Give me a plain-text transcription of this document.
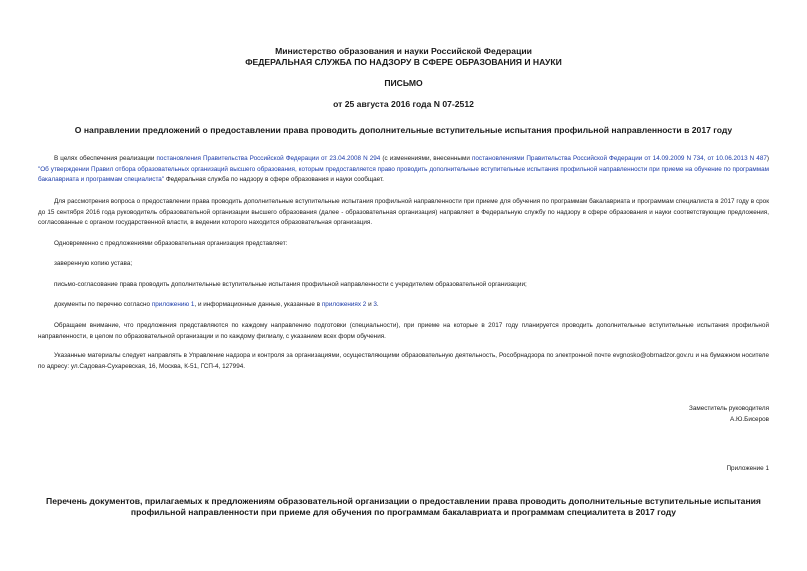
Министерство образования и науки Российской Федерации
ФЕДЕРАЛЬНАЯ СЛУЖБА ПО НАДЗОРУ В СФЕРЕ ОБРАЗОВАНИЯ И НАУКИ
ПИСЬМО
от 25 августа 2016 года N 07-2512
О направлении предложений о предоставлении права проводить дополнительные вступительные испытания профильной направленности в 2017 году
В целях обеспечения реализации постановления Правительства Российской Федерации от 23.04.2008 N 294 (с изменениями, внесенными постановлениями Правительства Российской Федерации от 14.09.2009 N 734, от 10.06.2013 N 487) "Об утверждении Правил отбора образовательных организаций высшего образования, которым предоставляется право проводить дополнительные вступительные испытания профильной направленности при приеме на обучение по программам бакалавриата и программам специалиста" Федеральная служба по надзору в сфере образования и науки сообщает.
Для рассмотрения вопроса о предоставлении права проводить дополнительные вступительные испытания профильной направленности при приеме для обучения по программам бакалавриата и программам специалиста в 2017 году в срок до 15 сентября 2016 года руководитель образовательной организации высшего образования (далее - образовательная организация) направляет в Федеральную службу по надзору в сфере образования и науки соответствующие предложения, согласованные с органом государственной власти, в ведении которого находится образовательная организация.
Одновременно с предложениями образовательная организация представляет:
заверенную копию устава;
письмо-согласование права проводить дополнительные вступительные испытания профильной направленности с учредителем образовательной организации;
документы по перечню согласно приложению 1, и информационные данные, указанные в приложениях 2 и 3.
Обращаем внимание, что предложения представляются по каждому направлению подготовки (специальности), при приеме на которые в 2017 году планируется проводить дополнительные вступительные испытания профильной направленности, в целом по образовательной организации и по каждому филиалу, с указанием всех форм обучения.
Указанные материалы следует направлять в Управление надзора и контроля за организациями, осуществляющими образовательную деятельность, Рособрнадзора по электронной почте evgnosko@obrnadzor.gov.ru и на бумажном носителе по адресу: ул.Садовая-Сухаревская, 16, Москва, К-51, ГСП-4, 127994.
Заместитель руководителя
А.Ю.Бисеров
Приложение 1
Перечень документов, прилагаемых к предложениям образовательной организации о предоставлении права проводить дополнительные вступительные испытания профильной направленности при приеме для обучения по программам бакалавриата и программам специалитета в 2017 году
